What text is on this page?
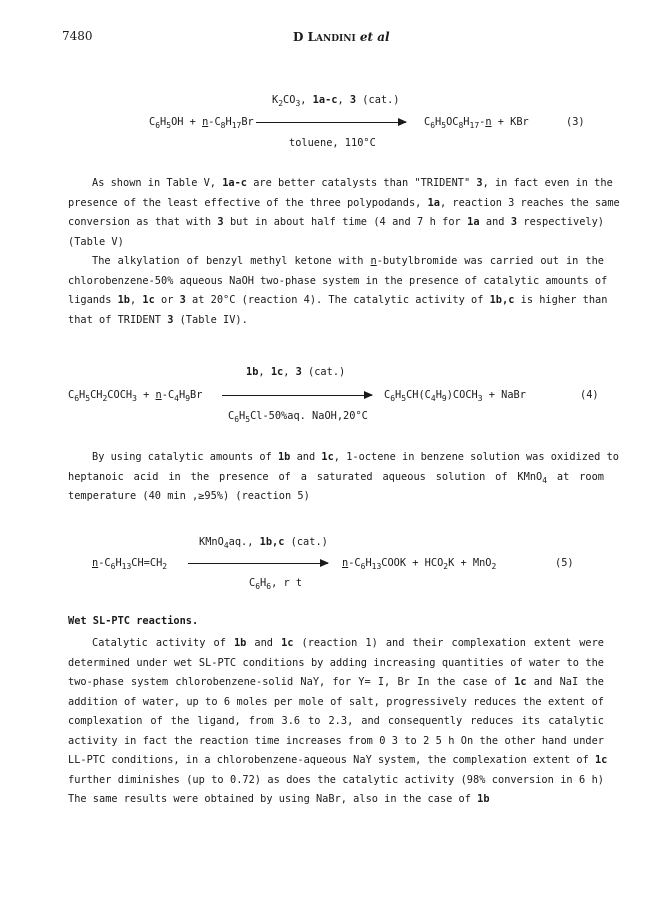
7480	D LANDINI et al
$K_2CO_3$, 1a-c, 3 (cat.)
$C_6H_5OH + n-C_8H_{17}Br$	$C_6H_5OC_8H_{17}-n$ + KBr	(3)
toluene, 110°C
As shown in Table V, 1a-c are better catalysts than "TRIDENT" 3, in fact even in the
presence of the least effective of the three polypodands, 1a, reaction 3 reaches the same
conversion as that with 3 but in about half time (4 and 7 h for 1a and 3 respectively)
(Table V)
The alkylation of benzyl methyl ketone with n-butylbromide was carried out in the
chlorobenzene-50% aqueous NaOH two-phase system in the presence of catalytic amounts of
ligands 1b, 1c or 3 at 20°C (reaction 4). The catalytic activity of 1b,c is higher than
that of TRIDENT 3 (Table IV).
1b, 1c, 3 (cat.)
$C_6H_5CH_2COCH_3 + n-C_4H_9Br$	$C_6H_5CH(C_4H_9)COCH_3$ + NaBr	(4)
$C_6H_5Cl-50\%aq$. NaOH,20°C
By using catalytic amounts of 1b and 1c, 1-octene in benzene solution was oxidized to
heptanoic acid in the presence of a saturated aqueous solution of KMnO$_4$ at room
temperature (40 min ,≥95%) (reaction 5)
KMnO$_4$aq., 1b,c (cat.)
$n-C_6H_{13}CH=CH_2$	$n-C_6H_{13}COOK + HCO_2K + MnO_2$	(5)
$C_6H_6$, r t
Wet SL-PTC reactions.
Catalytic activity of 1b and 1c (reaction 1) and their complexation extent were
determined under wet SL-PTC conditions by adding increasing quantities of water to the
two-phase system chlorobenzene-solid NaY, for Y= I, Br In the case of 1c and NaI the
addition of water, up to 6 moles per mole of salt, progressively reduces the extent of
complexation of the ligand, from 3.6 to 2.3, and consequently reduces its catalytic
activity in fact the reaction time increases from 0 3 to 2 5 h On the other hand under
LL-PTC conditions, in a chlorobenzene-aqueous NaY system, the complexation extent of 1c
further diminishes (up to 0.72) as does the catalytic activity (98% conversion in 6 h)
The same results were obtained by using NaBr, also in the case of 1b
